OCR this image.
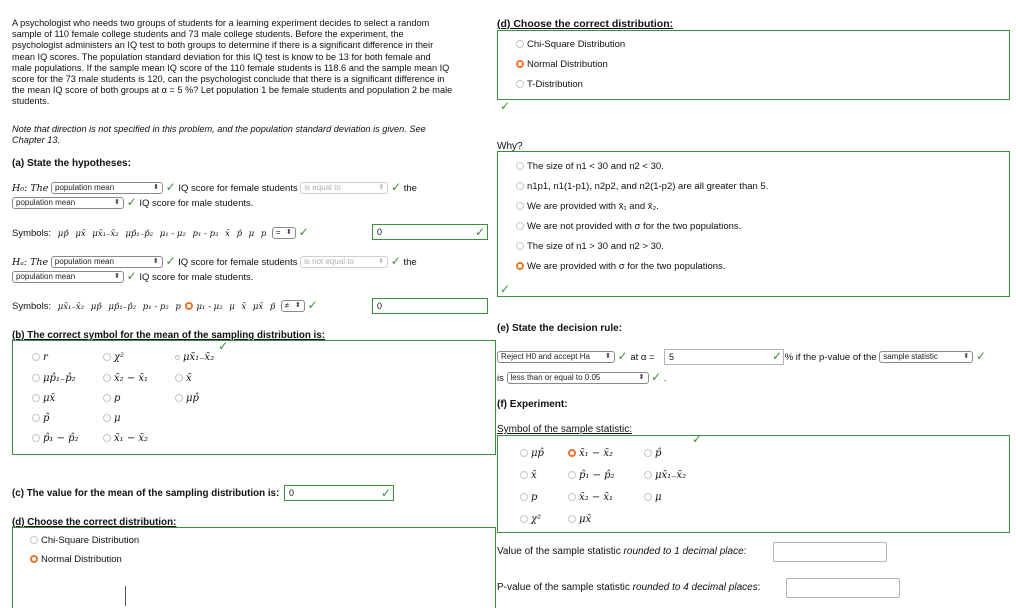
A psychologist who needs two groups of students for a learning experiment decides to select a random
sample of 110 female college students and 73 male college students. Before the experiment, the
psychologist administers an IQ test to both groups to determine if there is a significant difference in their
mean IQ scores. The population standard deviation for this IQ test is know to be 13 for both female and
male populations. If the sample mean IQ score of the 110 female students is 118.6 and the sample mean IQ
score for the 73 male students is 120, can the psychologist conclude that there is a significant difference in
the mean IQ score of both groups at α = 5 %? Let population 1 be female students and population 2 be male
students.
Note that direction is not specified in this problem, and the population standard deviation is given. See
Chapter 13.
(a) State the hypotheses:
H₀: The population mean	⬍ ✓ IQ score for female students is equal to	⬍ ✓ the
population mean	⬍ ✓ IQ score for male students.
Symbols: μp̂ μx̄ μx̄₁₋x̄₂ μp̂₁₋p̂₂ μ₁ - μ₂ p₁ - p₂ x̄ p̂ μ p = ⬍ ✓	0	✓
Hₐ: The population mean	⬍ ✓ IQ score for female students is not equal to	⬍ ✓ the
population mean	⬍ ✓ IQ score for male students.
Symbols: μx̄₁₋x̄₂ μp̂ μp̂₁₋p̂₂ p₁ - p₂ p μ₁ - μ₂ μ x̄ μx̄ p̂ ≠ ⬍ ✓	0
(b) The correct symbol for the mean of the sampling distribution is:
✓
r	χ²	μx̄₁₋x̄₂
μp̂₁₋p̂₂	x̄₂ − x̄₁	x̄
μx̄	p	μp̂
p̂	μ
p̂₁ − p̂₂	x̄₁ − x̄₂
(c) The value for the mean of the sampling distribution is:	0	✓
(d) Choose the correct distribution:
Chi-Square Distribution
Normal Distribution
(d) Choose the correct distribution:
Chi-Square Distribution
Normal Distribution
T-Distribution
✓
Why?
The size of n1 < 30 and n2 < 30.
n1p1, n1(1-p1), n2p2, and n2(1-p2) are all greater than 5.
We are provided with x̄₁ and x̄₂.
We are not provided with σ for the two populations.
The size of n1 > 30 and n2 > 30.
We are provided with σ for the two populations.
✓
(e) State the decision rule:
Reject H0 and accept Ha ⬍ ✓ at α =	5	✓ % if the p-value of the sample statistic	⬍ ✓
is less than or equal to 0.05	⬍ ✓ .
(f) Experiment:
Symbol of the sample statistic:
✓
μp̂	x̄₁ − x̄₂	p̂
x̄	p̂₁ − p̂₂	μx̄₁₋x̄₂
p	x̄₂ − x̄₁	μ
χ²	μx̄
Value of the sample statistic rounded to 1 decimal place:
P-value of the sample statistic rounded to 4 decimal places:
